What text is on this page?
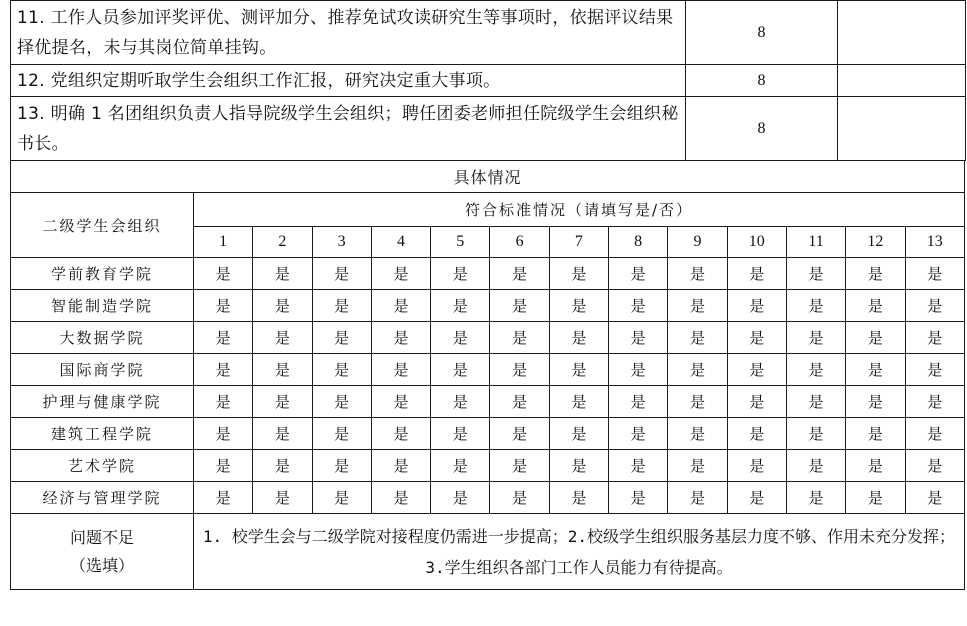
11. 工作人员参加评奖评优、测评加分、推荐免试攻读研究生等事项时，依据评议结果择优提名，未与其岗位简单挂钩。	8	
12. 党组织定期听取学生会组织工作汇报，研究决定重大事项。	8	
13. 明确 1 名团组织负责人指导院级学生会组织；聘任团委老师担任院级学生会组织秘书长。	8	
具体情况													
二级学生会组织	符合标准情况（请填写是/否）												
	1	2	3	4	5	6	7	8	9	10	11	12	13
学前教育学院	是	是	是	是	是	是	是	是	是	是	是	是	是
智能制造学院	是	是	是	是	是	是	是	是	是	是	是	是	是
大数据学院	是	是	是	是	是	是	是	是	是	是	是	是	是
国际商学院	是	是	是	是	是	是	是	是	是	是	是	是	是
护理与健康学院	是	是	是	是	是	是	是	是	是	是	是	是	是
建筑工程学院	是	是	是	是	是	是	是	是	是	是	是	是	是
艺术学院	是	是	是	是	是	是	是	是	是	是	是	是	是
经济与管理学院	是	是	是	是	是	是	是	是	是	是	是	是	是

问题不足
（选填）	1. 校学生会与二级学院对接程度仍需进一步提高；2.校级学生组织服务基层力度不够、作用未充分发挥；3.学生组织各部门工作人员能力有待提高。												
